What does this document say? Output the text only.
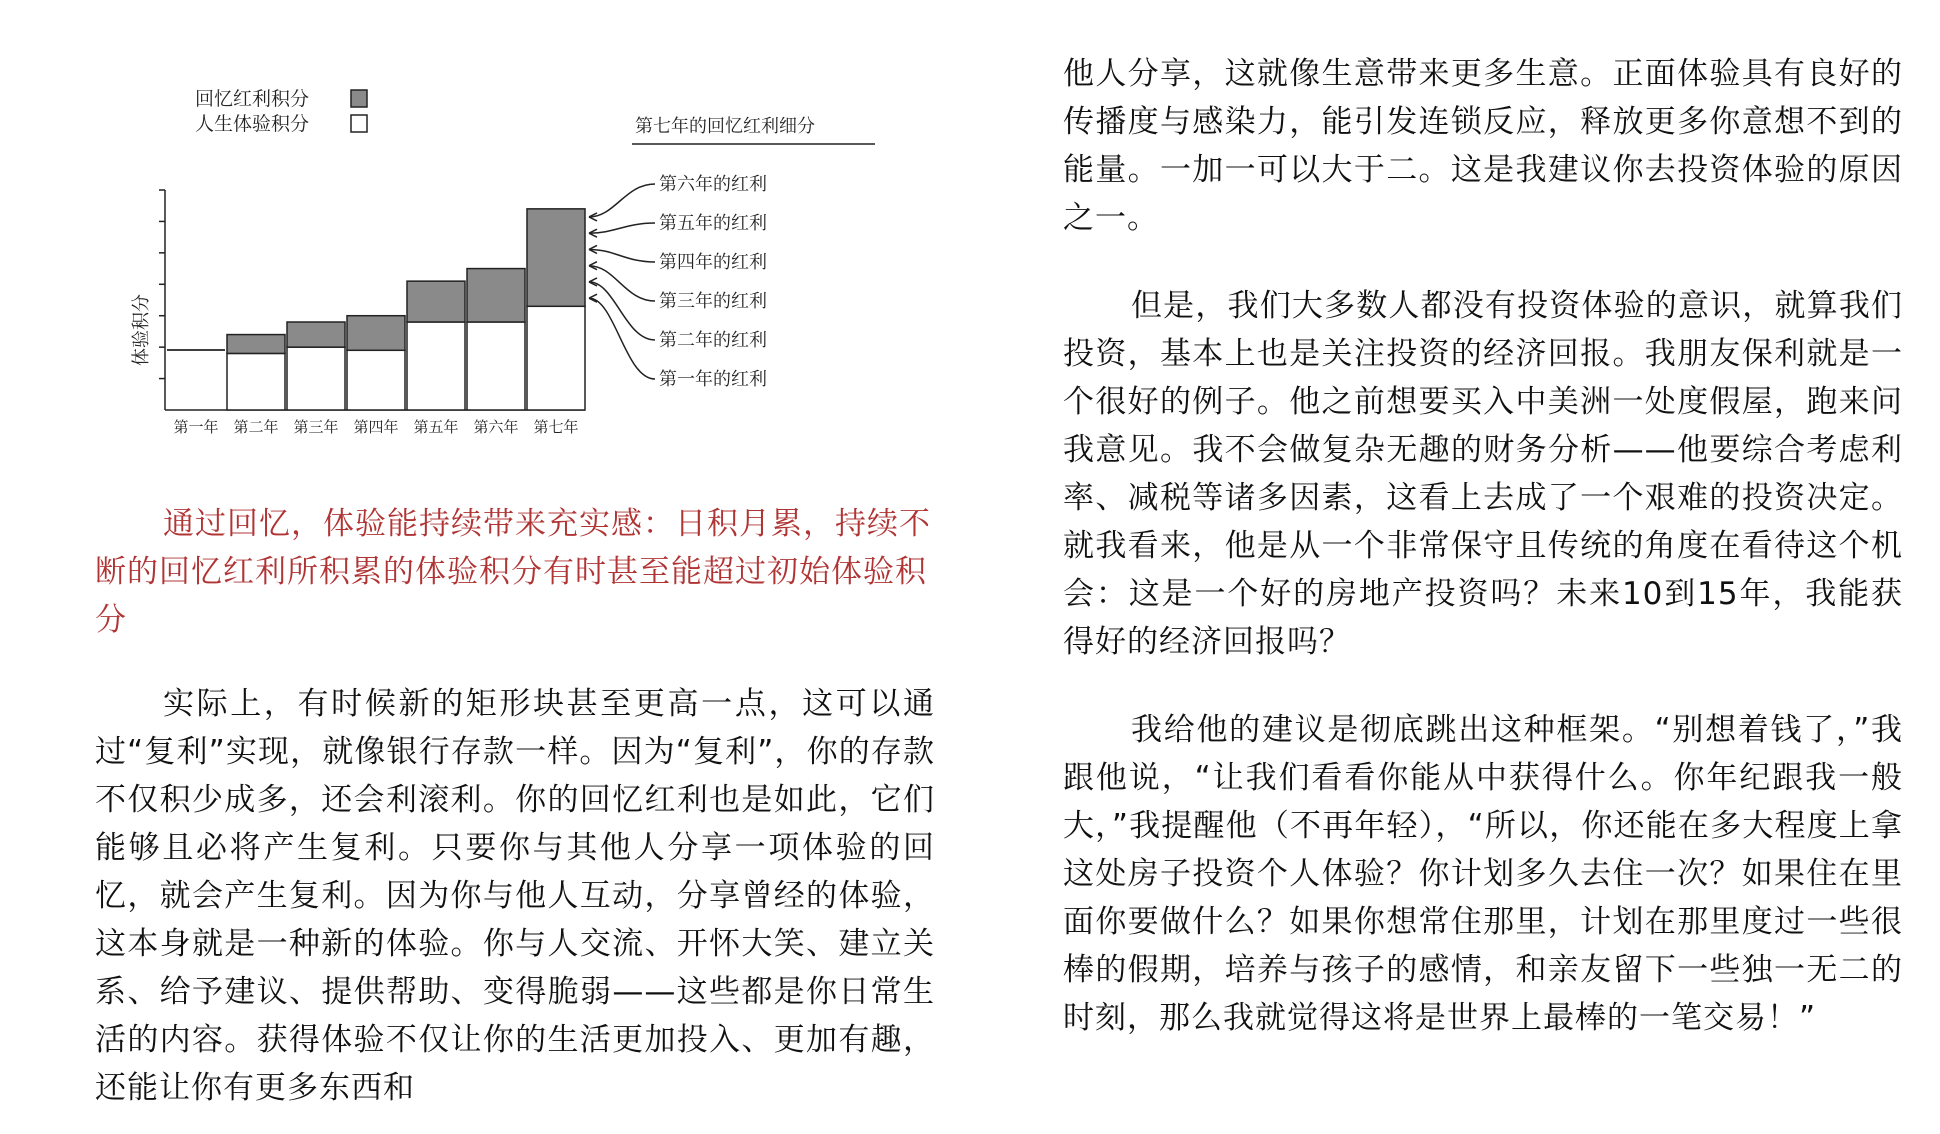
回忆红利积分
人生体验积分	第七年的回忆红利细分
体验积分
第一年 第二年 第三年 第四年 第五年 第六年 第七年
第六年的红利
第五年的红利
第四年的红利
第三年的红利
第二年的红利
第一年的红利

通过回忆，体验能持续带来充实感：日积月累，持续不断的回忆红利所积累的体验积分有时甚至能超过初始体验积分

实际上，有时候新的矩形块甚至更高一点，这可以通过“复利”实现，就像银行存款一样。因为“复利”，你的存款不仅积少成多，还会利滚利。你的回忆红利也是如此，它们能够且必将产生复利。只要你与其他人分享一项体验的回忆，就会产生复利。因为你与他人互动，分享曾经的体验，这本身就是一种新的体验。你与人交流、开怀大笑、建立关系、给予建议、提供帮助、变得脆弱——这些都是你日常生活的内容。获得体验不仅让你的生活更加投入、更加有趣，还能让你有更多东西和

他人分享，这就像生意带来更多生意。正面体验具有良好的传播度与感染力，能引发连锁反应，释放更多你意想不到的能量。一加一可以大于二。这是我建议你去投资体验的原因之一。

但是，我们大多数人都没有投资体验的意识，就算我们投资，基本上也是关注投资的经济回报。我朋友保利就是一个很好的例子。他之前想要买入中美洲一处度假屋，跑来问我意见。我不会做复杂无趣的财务分析——他要综合考虑利率、减税等诸多因素，这看上去成了一个艰难的投资决定。就我看来，他是从一个非常保守且传统的角度在看待这个机会：这是一个好的房地产投资吗？未来10到15年，我能获得好的经济回报吗？

我给他的建议是彻底跳出这种框架。“别想着钱了，”我跟他说，“让我们看看你能从中获得什么。你年纪跟我一般大，”我提醒他（不再年轻），“所以，你还能在多大程度上拿这处房子投资个人体验？你计划多久去住一次？如果住在里面你要做什么？如果你想常住那里，计划在那里度过一些很棒的假期，培养与孩子的感情，和亲友留下一些独一无二的时刻，那么我就觉得这将是世界上最棒的一笔交易！”
